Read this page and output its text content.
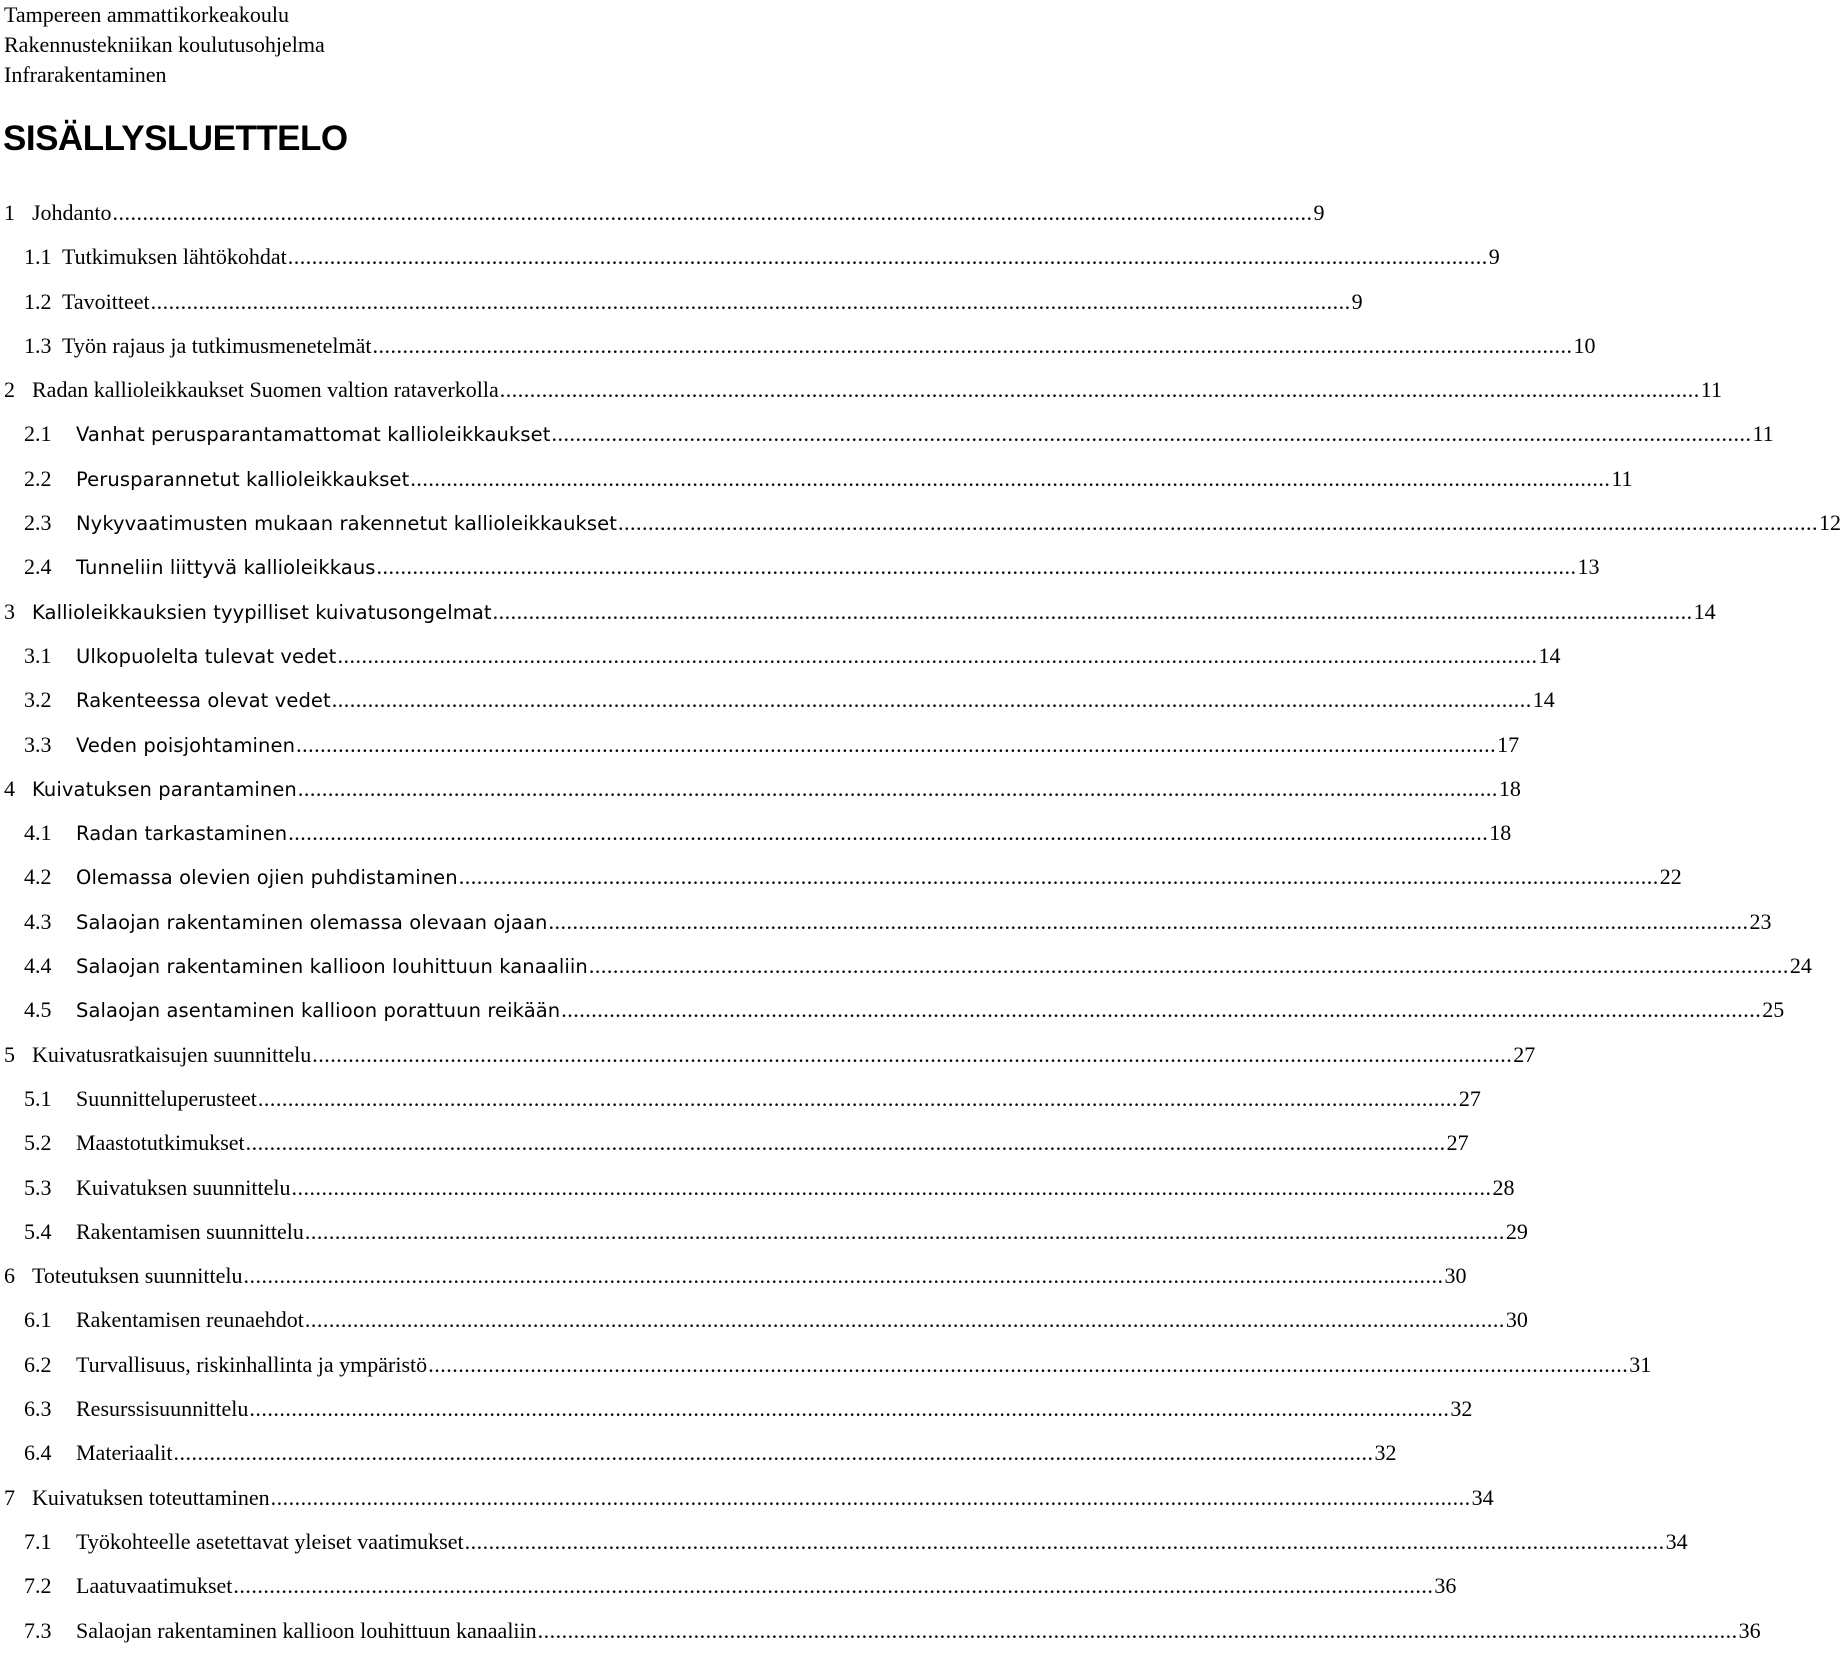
Tampereen ammattikorkeakoulu
Rakennustekniikan koulutusohjelma
Infrarakentaminen
SISÄLLYSLUETTELO
1 Johdanto ........................................................................................................................................................................................................ 9
1.1 Tutkimuksen lähtökohdat ........................................................................................................................................................................................................ 9
1.2 Tavoitteet ........................................................................................................................................................................................................ 9
1.3 Työn rajaus ja tutkimusmenetelmät ........................................................................................................................................................................................................ 10
2 Radan kallioleikkaukset Suomen valtion rataverkolla ........................................................................................................................................................................................................ 11
2.1 Vanhat perusparantamattomat kallioleikkaukset ........................................................................................................................................................................................................ 11
2.2 Perusparannetut kallioleikkaukset ........................................................................................................................................................................................................ 11
2.3 Nykyvaatimusten mukaan rakennetut kallioleikkaukset ........................................................................................................................................................................................................ 12
2.4 Tunneliin liittyvä kallioleikkaus ........................................................................................................................................................................................................ 13
3 Kallioleikkauksien tyypilliset kuivatusongelmat ........................................................................................................................................................................................................ 14
3.1 Ulkopuolelta tulevat vedet ........................................................................................................................................................................................................ 14
3.2 Rakenteessa olevat vedet ........................................................................................................................................................................................................ 14
3.3 Veden poisjohtaminen ........................................................................................................................................................................................................ 17
4 Kuivatuksen parantaminen ........................................................................................................................................................................................................ 18
4.1 Radan tarkastaminen ........................................................................................................................................................................................................ 18
4.2 Olemassa olevien ojien puhdistaminen ........................................................................................................................................................................................................ 22
4.3 Salaojan rakentaminen olemassa olevaan ojaan ........................................................................................................................................................................................................ 23
4.4 Salaojan rakentaminen kallioon louhittuun kanaaliin ........................................................................................................................................................................................................ 24
4.5 Salaojan asentaminen kallioon porattuun reikään ........................................................................................................................................................................................................ 25
5 Kuivatusratkaisujen suunnittelu ........................................................................................................................................................................................................ 27
5.1 Suunnitteluperusteet ........................................................................................................................................................................................................ 27
5.2 Maastotutkimukset ........................................................................................................................................................................................................ 27
5.3 Kuivatuksen suunnittelu ........................................................................................................................................................................................................ 28
5.4 Rakentamisen suunnittelu ........................................................................................................................................................................................................ 29
6 Toteutuksen suunnittelu ........................................................................................................................................................................................................ 30
6.1 Rakentamisen reunaehdot ........................................................................................................................................................................................................ 30
6.2 Turvallisuus, riskinhallinta ja ympäristö ........................................................................................................................................................................................................ 31
6.3 Resurssisuunnittelu ........................................................................................................................................................................................................ 32
6.4 Materiaalit ........................................................................................................................................................................................................ 32
7 Kuivatuksen toteuttaminen ........................................................................................................................................................................................................ 34
7.1 Työkohteelle asetettavat yleiset vaatimukset ........................................................................................................................................................................................................ 34
7.2 Laatuvaatimukset ........................................................................................................................................................................................................ 36
7.3 Salaojan rakentaminen kallioon louhittuun kanaaliin ........................................................................................................................................................................................................ 36
